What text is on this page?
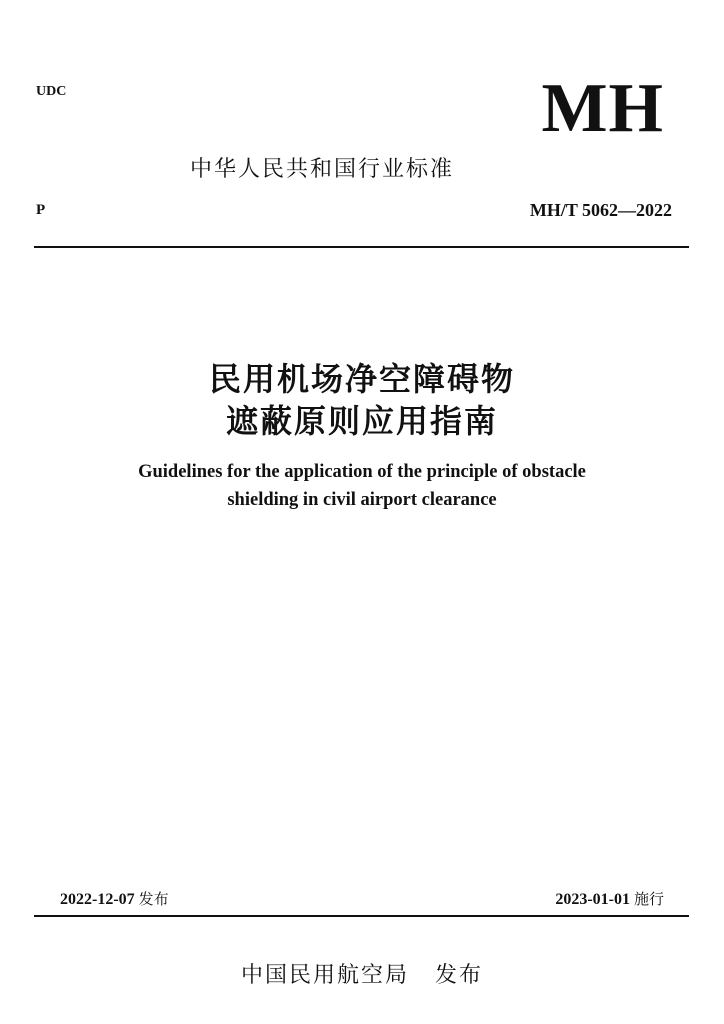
UDC	MH
中华人民共和国行业标准
P	MH/T 5062—2022
民用机场净空障碍物
遮蔽原则应用指南
Guidelines for the application of the principle of obstacle
shielding in civil airport clearance
2022-12-07 发布	2023-01-01 施行
中国民用航空局 发布
